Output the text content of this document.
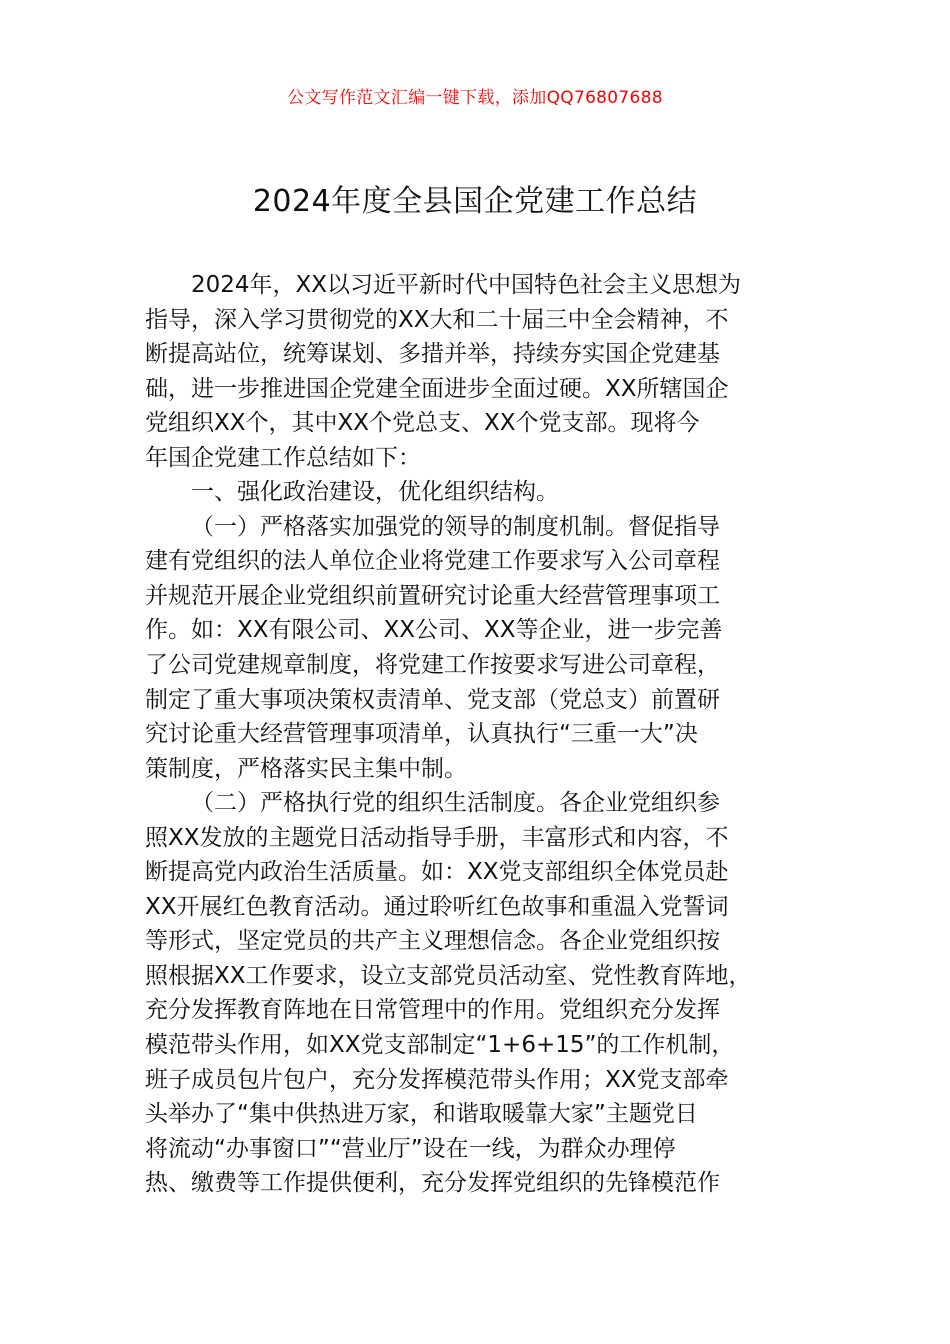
公文写作范文汇编一键下载，添加QQ76807688
2024年度全县国企党建工作总结
2024年，XX以习近平新时代中国特色社会主义思想为
指导，深入学习贯彻党的XX大和二十届三中全会精神，不
断提高站位，统筹谋划、多措并举，持续夯实国企党建基
础，进一步推进国企党建全面进步全面过硬。XX所辖国企
党组织XX个，其中XX个党总支、XX个党支部。现将今
年国企党建工作总结如下：
一、强化政治建设，优化组织结构。
（一）严格落实加强党的领导的制度机制。督促指导
建有党组织的法人单位企业将党建工作要求写入公司章程
并规范开展企业党组织前置研究讨论重大经营管理事项工
作。如：XX有限公司、XX公司、XX等企业，进一步完善
了公司党建规章制度，将党建工作按要求写进公司章程，
制定了重大事项决策权责清单、党支部（党总支）前置研
究讨论重大经营管理事项清单，认真执行“三重一大”决
策制度，严格落实民主集中制。
（二）严格执行党的组织生活制度。各企业党组织参
照XX发放的主题党日活动指导手册，丰富形式和内容，不
断提高党内政治生活质量。如：XX党支部组织全体党员赴
XX开展红色教育活动。通过聆听红色故事和重温入党誓词
等形式，坚定党员的共产主义理想信念。各企业党组织按
照根据XX工作要求，设立支部党员活动室、党性教育阵地，
充分发挥教育阵地在日常管理中的作用。党组织充分发挥
模范带头作用，如XX党支部制定“1+6+15”的工作机制，
班子成员包片包户，充分发挥模范带头作用；XX党支部牵
头举办了“集中供热进万家，和谐取暖靠大家”主题党日
将流动“办事窗口”“营业厅”设在一线，为群众办理停
热、缴费等工作提供便利，充分发挥党组织的先锋模范作
